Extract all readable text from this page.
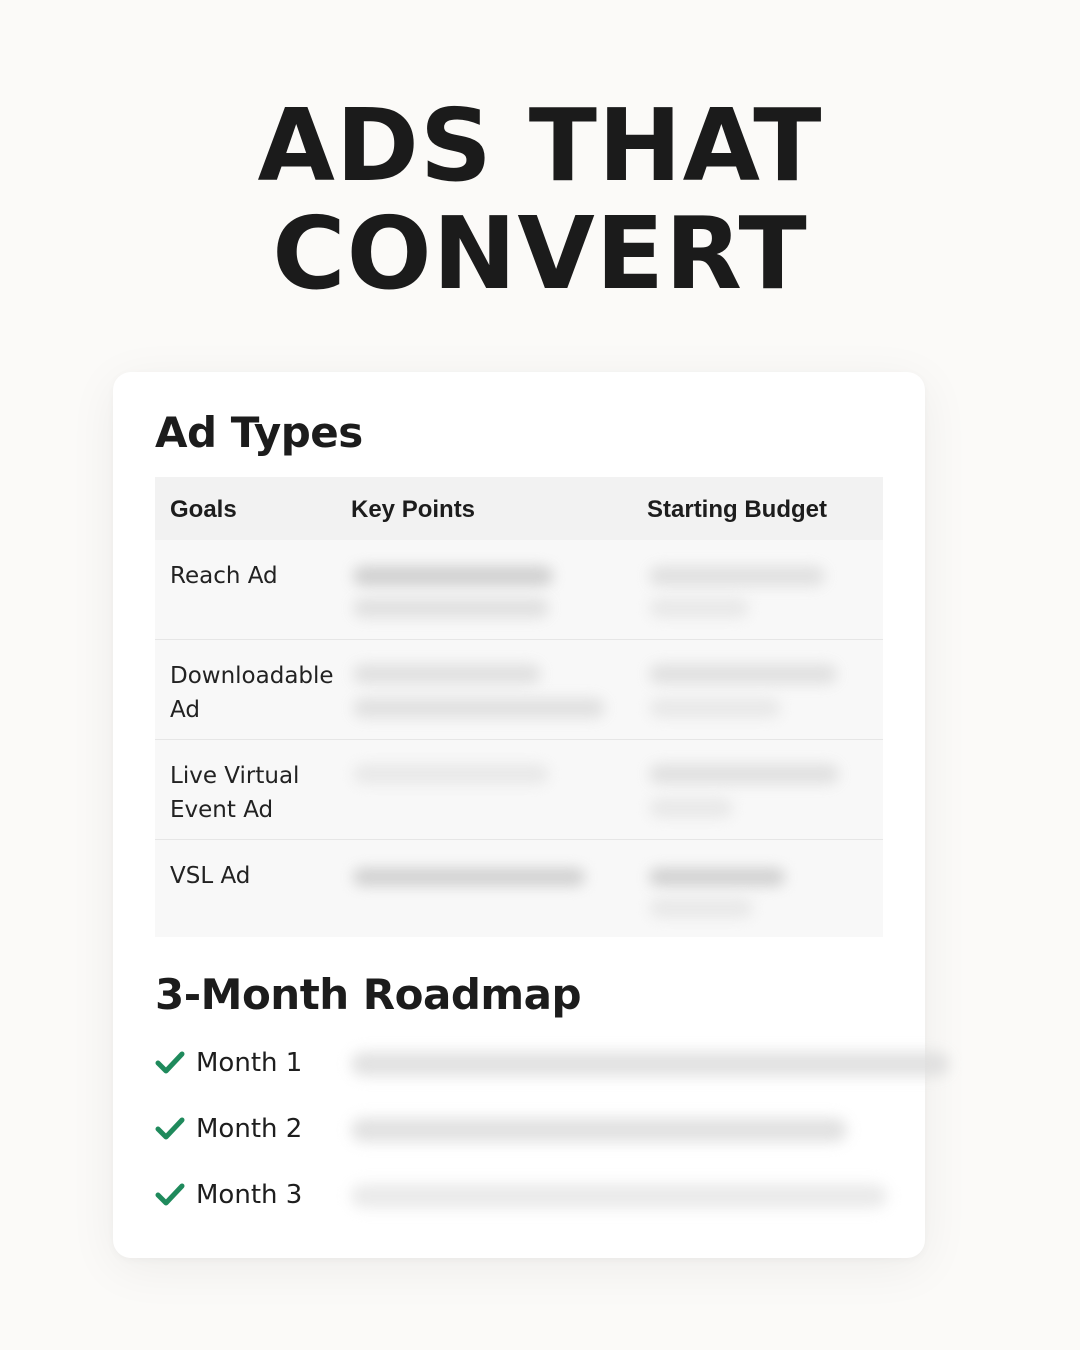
ADS THAT
CONVERT
Ad Types
Goals	Key Points	Starting Budget
Reach Ad
Downloadable Ad
Live Virtual Event Ad
VSL Ad
3-Month Roadmap
Month 1
Month 2
Month 3
